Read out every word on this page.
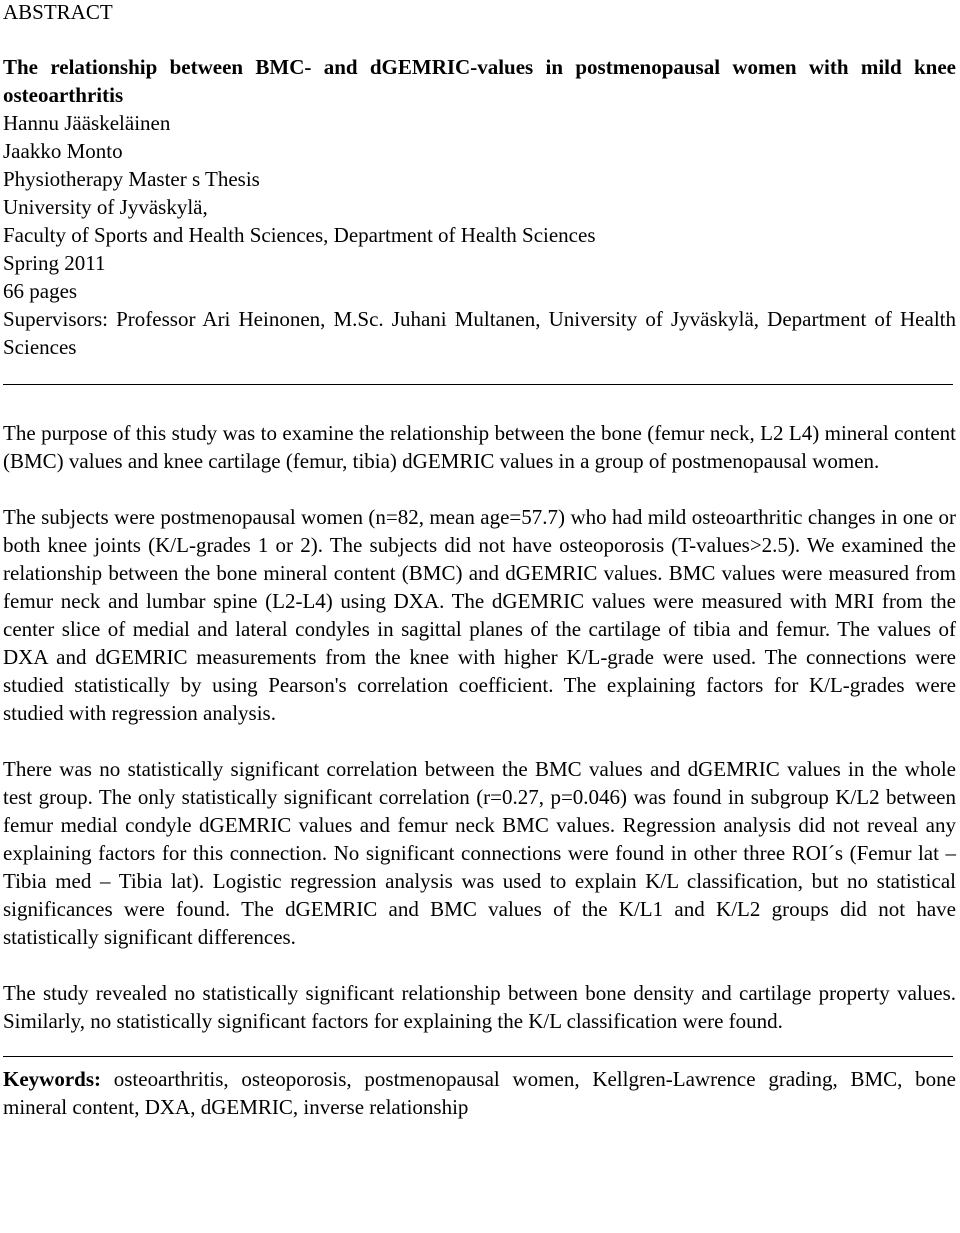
ABSTRACT

The relationship between BMC- and dGEMRIC-values in postmenopausal women with mild knee osteoarthritis

Hannu Jääskeläinen
Jaakko Monto
Physiotherapy Master s Thesis
University of Jyväskylä,
Faculty of Sports and Health Sciences, Department of Health Sciences
Spring 2011
66 pages
Supervisors: Professor Ari Heinonen, M.Sc. Juhani Multanen, University of Jyväskylä, Department of Health Sciences

The purpose of this study was to examine the relationship between the bone (femur neck, L2 L4) mineral content (BMC) values and knee cartilage (femur, tibia) dGEMRIC values in a group of postmenopausal women.

The subjects were postmenopausal women (n=82, mean age=57.7) who had mild osteoarthritic changes in one or both knee joints (K/L-grades 1 or 2). The subjects did not have osteoporosis (T-values>2.5). We examined the relationship between the bone mineral content (BMC) and dGEMRIC values. BMC values were measured from femur neck and lumbar spine (L2-L4) using DXA. The dGEMRIC values were measured with MRI from the center slice of medial and lateral condyles in sagittal planes of the cartilage of tibia and femur. The values of DXA and dGEMRIC measurements from the knee with higher K/L-grade were used. The connections were studied statistically by using Pearson's correlation coefficient. The explaining factors for K/L-grades were studied with regression analysis.

There was no statistically significant correlation between the BMC values and dGEMRIC values in the whole test group. The only statistically significant correlation (r=0.27, p=0.046) was found in subgroup K/L2 between femur medial condyle dGEMRIC values and femur neck BMC values. Regression analysis did not reveal any explaining factors for this connection. No significant connections were found in other three ROI´s (Femur lat – Tibia med – Tibia lat). Logistic regression analysis was used to explain K/L classification, but no statistical significances were found. The dGEMRIC and BMC values of the K/L1 and K/L2 groups did not have statistically significant differences.

The study revealed no statistically significant relationship between bone density and cartilage property values. Similarly, no statistically significant factors for explaining the K/L classification were found.

Keywords: osteoarthritis, osteoporosis, postmenopausal women, Kellgren-Lawrence grading, BMC, bone mineral content, DXA, dGEMRIC, inverse relationship
